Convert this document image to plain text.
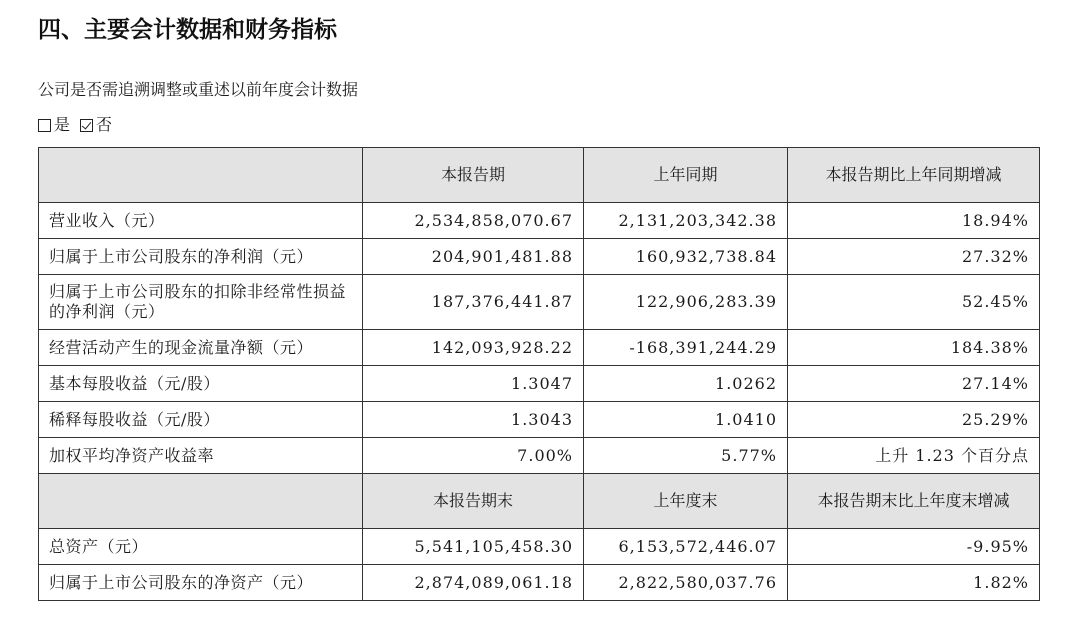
四、主要会计数据和财务指标

公司是否需追溯调整或重述以前年度会计数据

是 否
	本报告期	上年同期	本报告期比上年同期增减
营业收入（元）	2,534,858,070.67	2,131,203,342.38	18.94%
归属于上市公司股东的净利润（元）	204,901,481.88	160,932,738.84	27.32%
归属于上市公司股东的扣除非经常性损益的净利润（元）	187,376,441.87	122,906,283.39	52.45%
经营活动产生的现金流量净额（元）	142,093,928.22	-168,391,244.29	184.38%
基本每股收益（元/股）	1.3047	1.0262	27.14%
稀释每股收益（元/股）	1.3043	1.0410	25.29%
加权平均净资产收益率	7.00%	5.77%	上升 1.23 个百分点
	本报告期末	上年度末	本报告期末比上年度末增减
总资产（元）	5,541,105,458.30	6,153,572,446.07	-9.95%
归属于上市公司股东的净资产（元）	2,874,089,061.18	2,822,580,037.76	1.82%
